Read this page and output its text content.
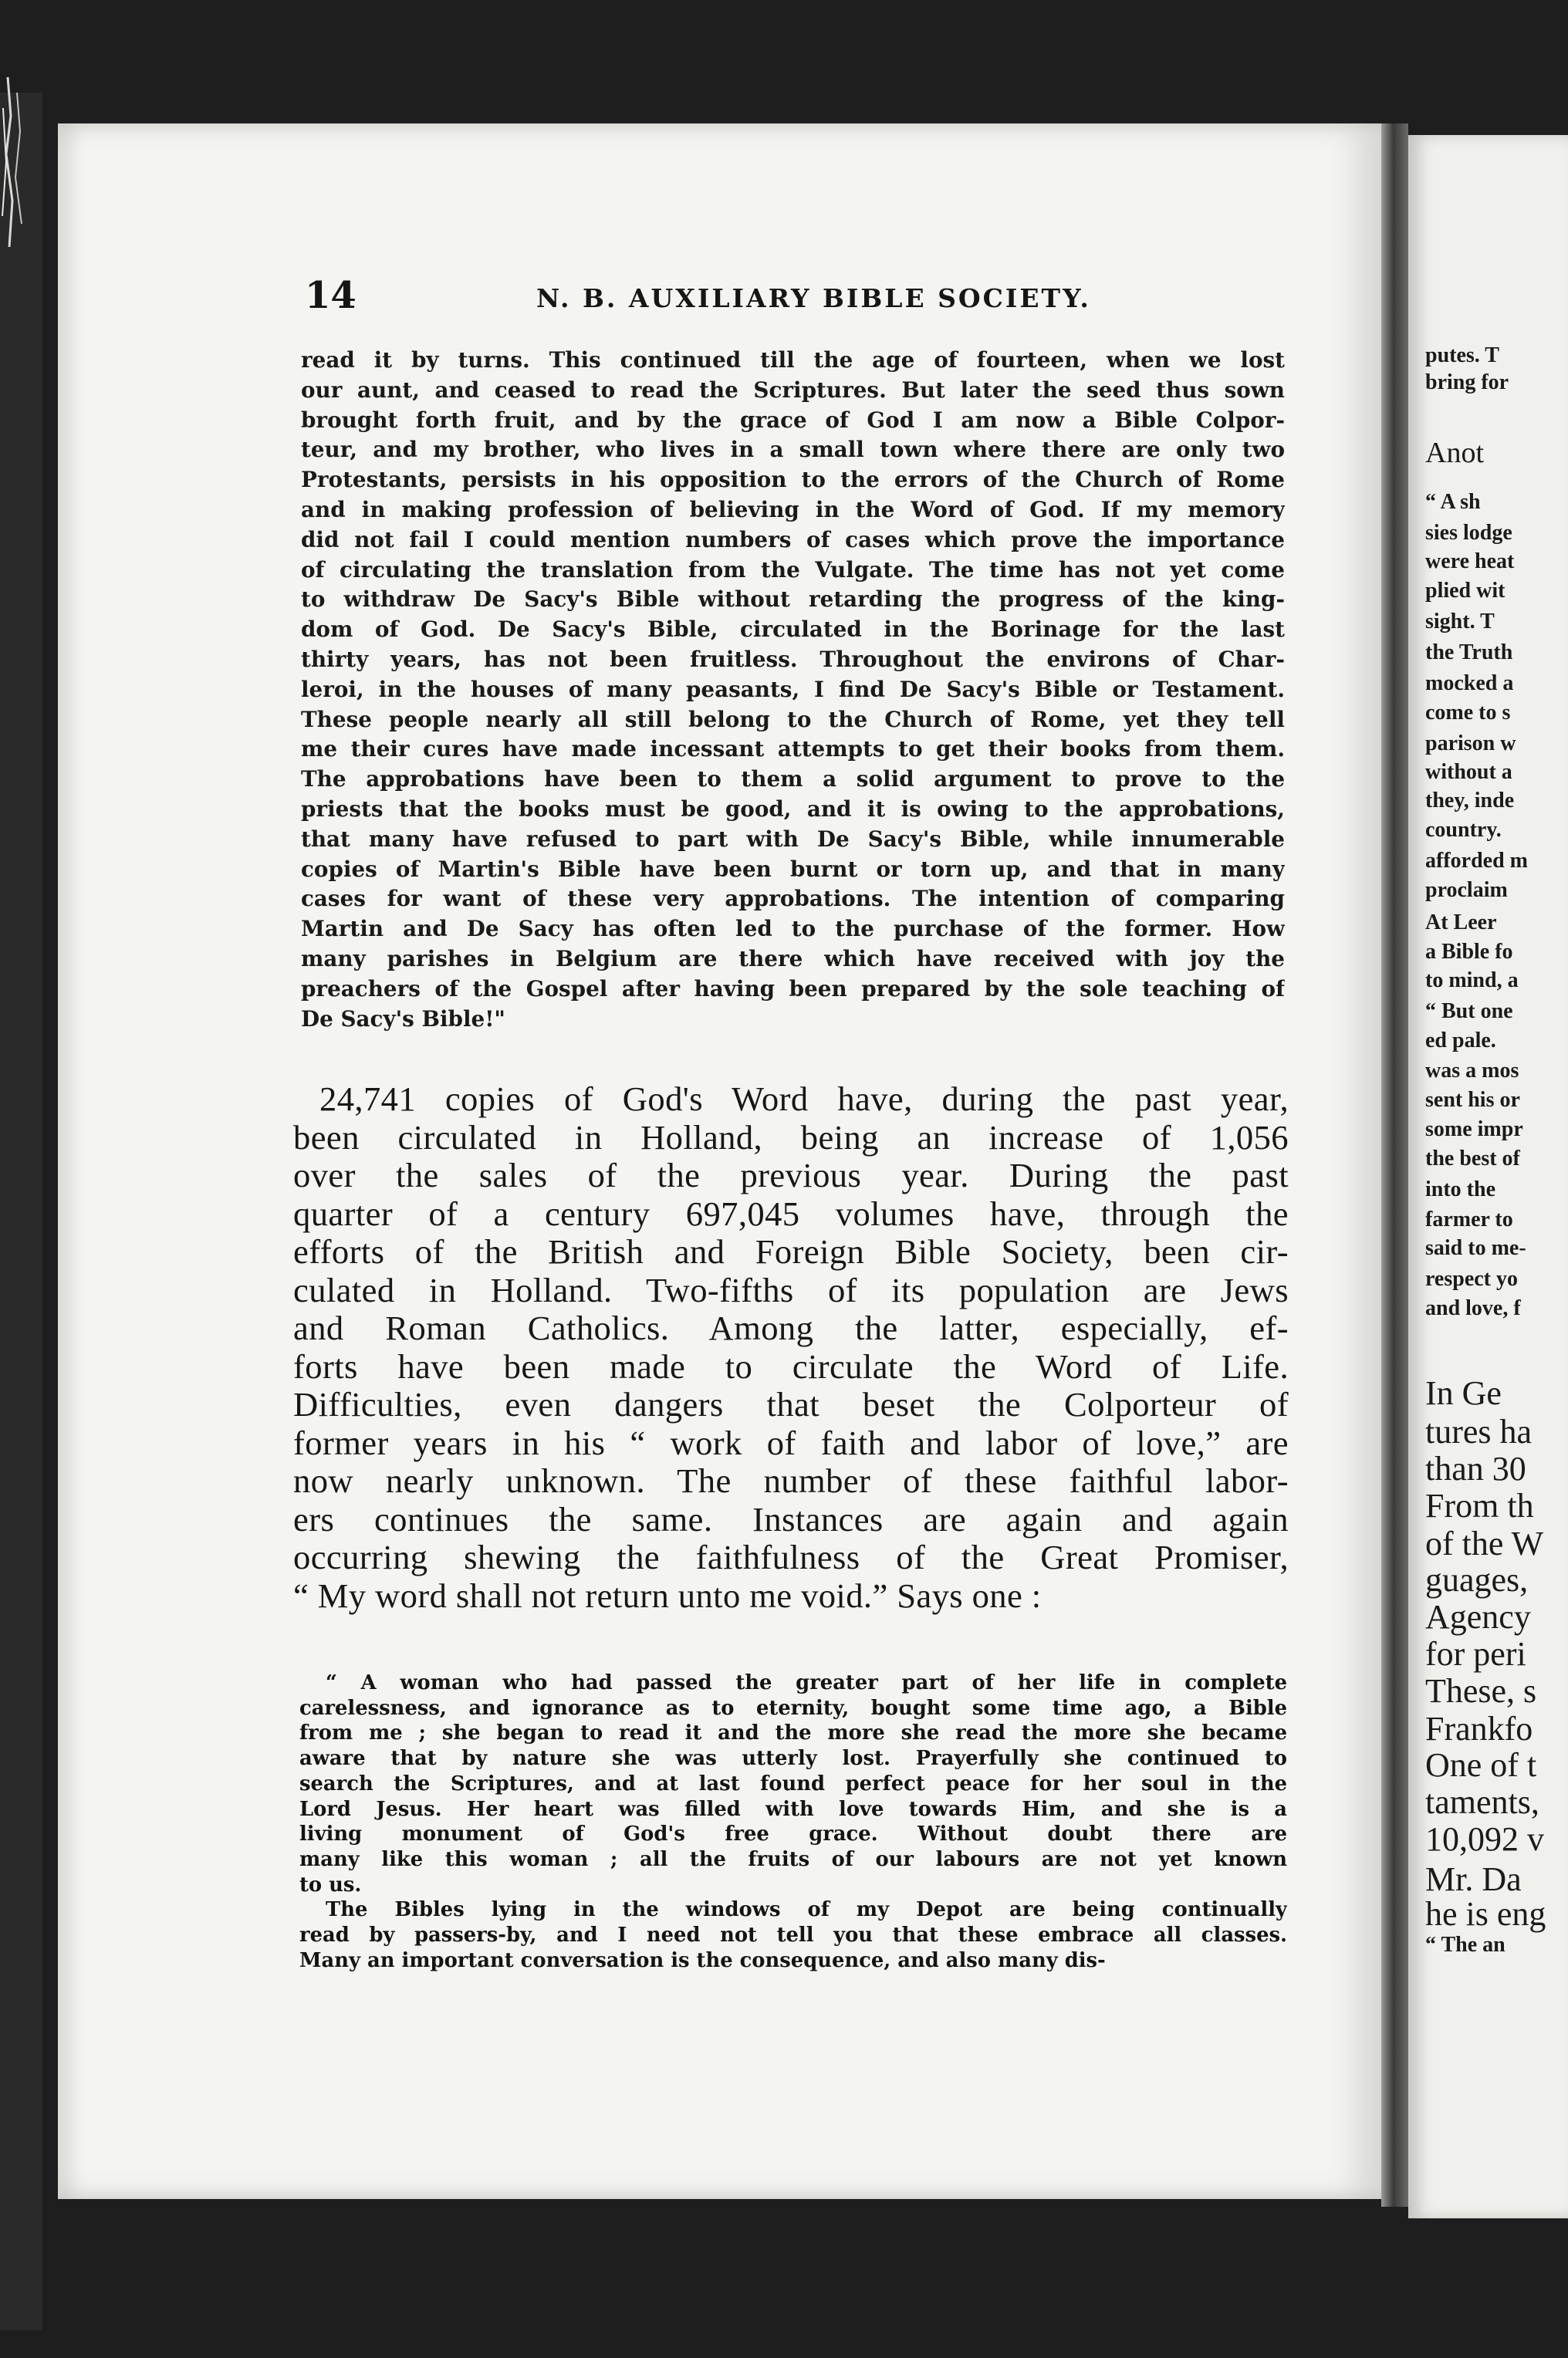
putes. T
bring for
Anot
“ A sh
sies lodge
were heat
plied wit
sight. T
the Truth
mocked a
come to s
parison w
without a
they, inde
country.
afforded m
proclaim
At Leer
a Bible fo
to mind, a
“ But one
ed pale.
was a mos
sent his or
some impr
the best of
into the
farmer to
said to me-
respect yo
and love, f
In Ge
tures ha
than 30
From th
of the W
guages,
Agency
for peri
These, s
Frankfo
One of t
taments,
10,092 v
Mr. Da
he is eng
“ The an
14	N. B. AUXILIARY BIBLE SOCIETY.
read it by turns. This continued till the age of fourteen, when we lost
our aunt, and ceased to read the Scriptures. But later the seed thus sown
brought forth fruit, and by the grace of God I am now a Bible Colpor-
teur, and my brother, who lives in a small town where there are only two
Protestants, persists in his opposition to the errors of the Church of Rome
and in making profession of believing in the Word of God. If my memory
did not fail I could mention numbers of cases which prove the importance
of circulating the translation from the Vulgate. The time has not yet come
to withdraw De Sacy's Bible without retarding the progress of the king-
dom of God. De Sacy's Bible, circulated in the Borinage for the last
thirty years, has not been fruitless. Throughout the environs of Char-
leroi, in the houses of many peasants, I find De Sacy's Bible or Testament.
These people nearly all still belong to the Church of Rome, yet they tell
me their cures have made incessant attempts to get their books from them.
The approbations have been to them a solid argument to prove to the
priests that the books must be good, and it is owing to the approbations,
that many have refused to part with De Sacy's Bible, while innumerable
copies of Martin's Bible have been burnt or torn up, and that in many
cases for want of these very approbations. The intention of comparing
Martin and De Sacy has often led to the purchase of the former. How
many parishes in Belgium are there which have received with joy the
preachers of the Gospel after having been prepared by the sole teaching of
De Sacy's Bible!"
24,741 copies of God's Word have, during the past year,
been circulated in Holland, being an increase of 1,056
over the sales of the previous year. During the past
quarter of a century 697,045 volumes have, through the
efforts of the British and Foreign Bible Society, been cir-
culated in Holland. Two-fifths of its population are Jews
and Roman Catholics. Among the latter, especially, ef-
forts have been made to circulate the Word of Life.
Difficulties, even dangers that beset the Colporteur of
former years in his “ work of faith and labor of love,” are
now nearly unknown. The number of these faithful labor-
ers continues the same. Instances are again and again
occurring shewing the faithfulness of the Great Promiser,
“ My word shall not return unto me void.” Says one :
“ A woman who had passed the greater part of her life in complete
carelessness, and ignorance as to eternity, bought some time ago, a Bible
from me ; she began to read it and the more she read the more she became
aware that by nature she was utterly lost. Prayerfully she continued to
search the Scriptures, and at last found perfect peace for her soul in the
Lord Jesus. Her heart was filled with love towards Him, and she is a
living monument of God's free grace. Without doubt there are
many like this woman ; all the fruits of our labours are not yet known
to us.
The Bibles lying in the windows of my Depot are being continually
read by passers-by, and I need not tell you that these embrace all classes.
Many an important conversation is the consequence, and also many dis-
